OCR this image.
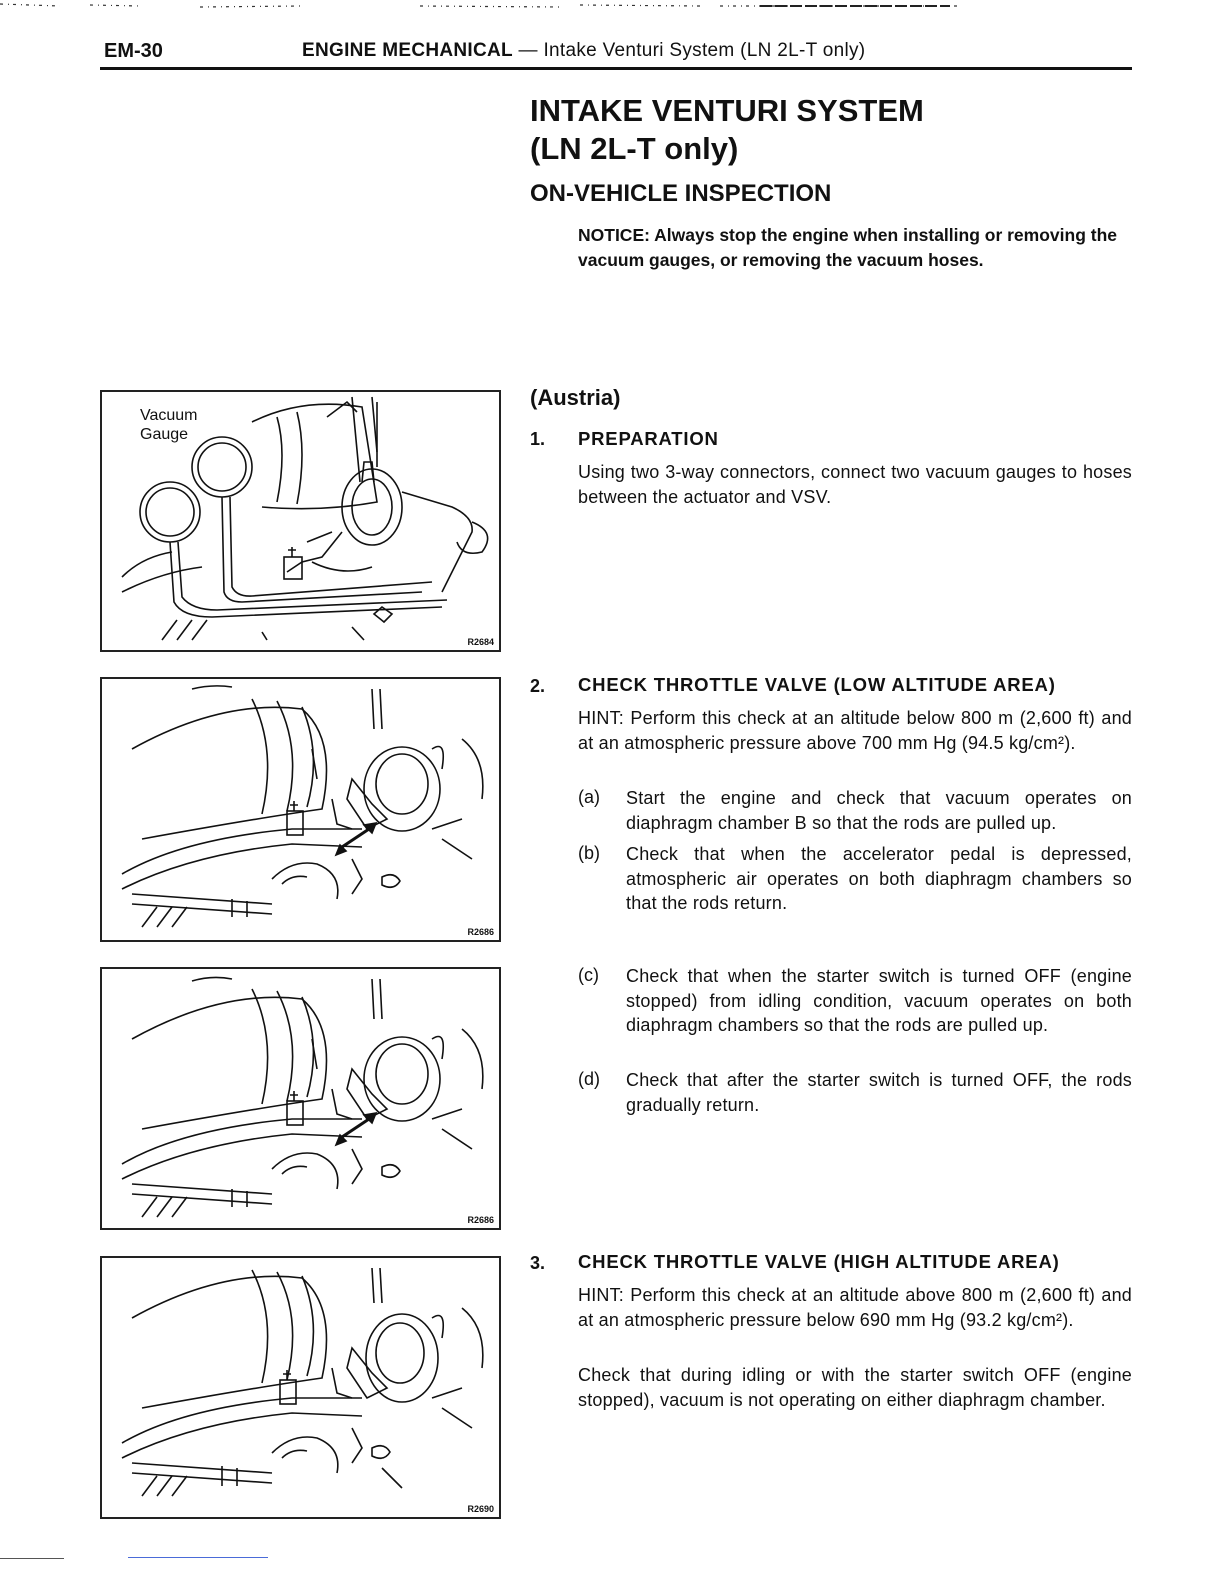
EM-30	ENGINE MECHANICAL — Intake Venturi System (LN 2L-T only)
INTAKE VENTURI SYSTEM
(LN 2L-T only)
ON-VEHICLE INSPECTION
NOTICE: Always stop the engine when installing or removing the vacuum gauges, or removing the vacuum hoses.
(Austria)
1. PREPARATION
Using two 3-way connectors, connect two vacuum gauges to hoses between the actuator and VSV.
2. CHECK THROTTLE VALVE (LOW ALTITUDE AREA)
HINT: Perform this check at an altitude below 800 m (2,600 ft) and at an atmospheric pressure above 700 mm Hg (94.5 kg/cm²).
(a) Start the engine and check that vacuum operates on diaphragm chamber B so that the rods are pulled up.
(b) Check that when the accelerator pedal is depressed, atmospheric air operates on both diaphragm chambers so that the rods return.
(c) Check that when the starter switch is turned OFF (engine stopped) from idling condition, vacuum operates on both diaphragm chambers so that the rods are pulled up.
(d) Check that after the starter switch is turned OFF, the rods gradually return.
3. CHECK THROTTLE VALVE (HIGH ALTITUDE AREA)
HINT: Perform this check at an altitude above 800 m (2,600 ft) and at an atmospheric pressure below 690 mm Hg (93.2 kg/cm²).
Check that during idling or with the starter switch OFF (engine stopped), vacuum is not operating on either diaphragm chamber.
Vacuum
Gauge
R2684
R2686
R2686
R2690
